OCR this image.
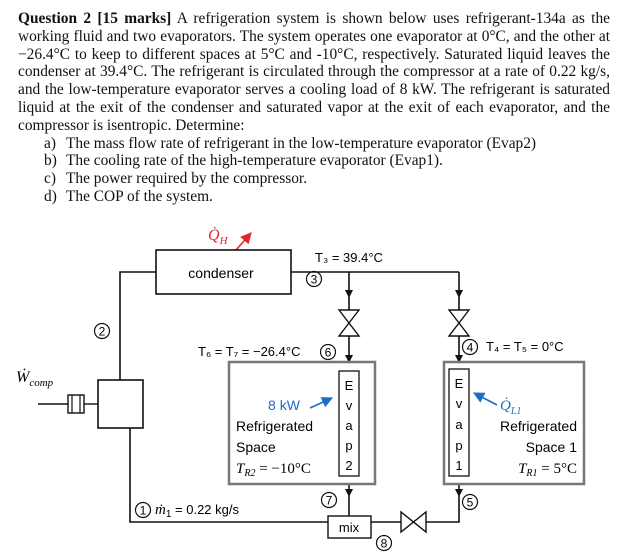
Question 2 [15 marks] A refrigeration system is shown below uses refrigerant-134a as the working fluid and two evaporators. The system operates one evaporator at 0°C, and the other at −26.4°C to keep to different spaces at 5°C and -10°C, respectively. Saturated liquid leaves the condenser at 39.4°C. The refrigerant is circulated through the compressor at a rate of 0.22 kg/s, and the low-temperature evaporator serves a cooling load of 8 kW. The refrigerant is saturated liquid at the exit of the condenser and saturated vapor at the exit of each evaporator, and the compressor is isentropic. Determine:

a) The mass flow rate of refrigerant in the low-temperature evaporator (Evap2)
b) The cooling rate of the high-temperature evaporator (Evap1).
c) The power required by the compressor.
d) The COP of the system.
$Q̇_H$
condenser
T₃ = 39.4°C
3
2
6	4
7	5
1
8
T₆ = T₇ = −26.4°C	T₄ = T₅ = 0°C
Ẇ$_{comp}$	E
v
a
p
2
8 kW
Refrigerated
Space
$T_{R2} = -10^\circ C$
E
v
a
p
1
$Q̇_{L1}$
Refrigerated
Space 1
$T_{R1} = 5^\circ C$
ṁ$_1$ = 0.22 kg/s
mix
